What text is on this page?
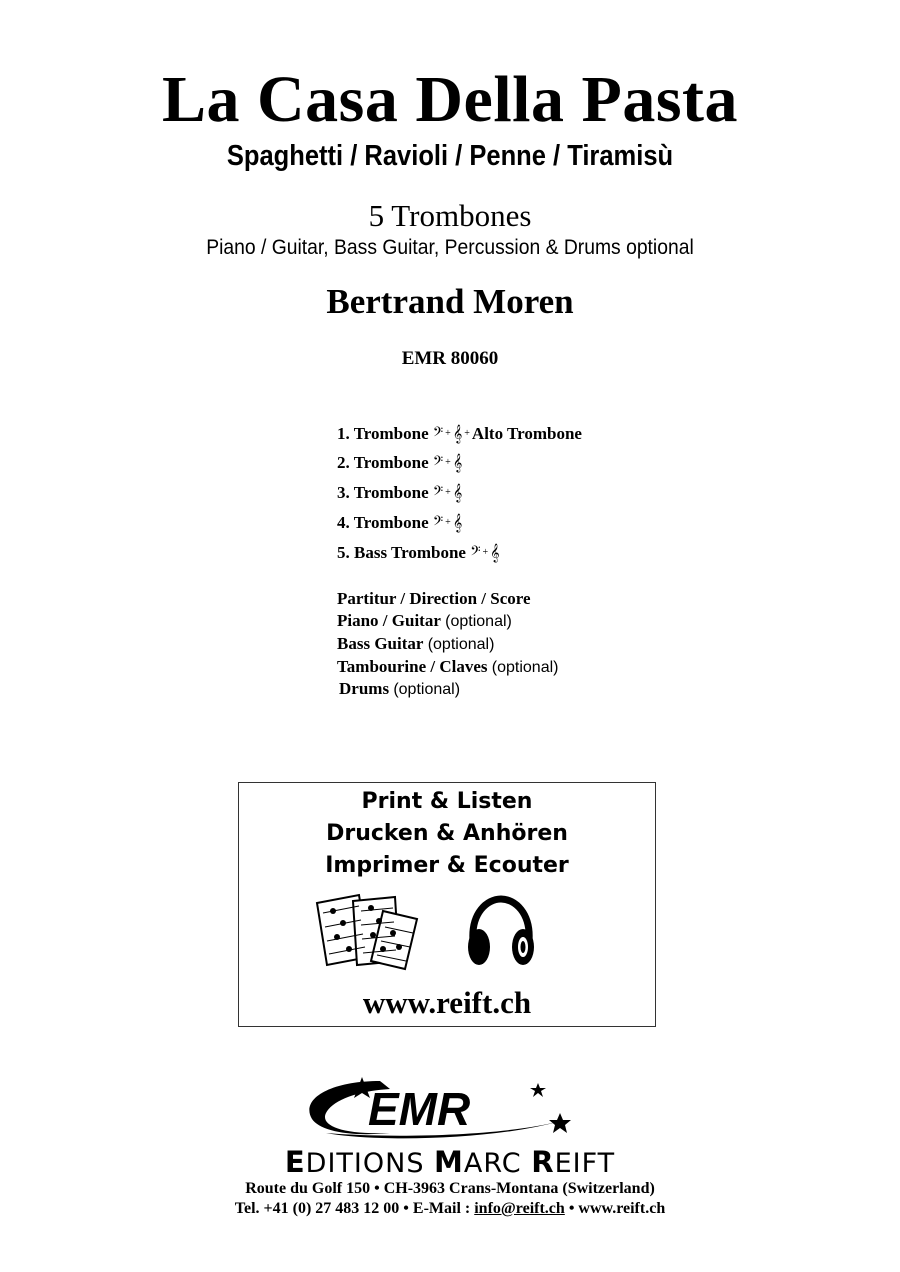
La Casa Della Pasta
Spaghetti / Ravioli / Penne / Tiramisù
5 Trombones
Piano / Guitar, Bass Guitar, Percussion & Drums optional
Bertrand Moren
EMR 80060
1. Trombone 𝄢 + 𝄞 + Alto Trombone
2. Trombone 𝄢 + 𝄞
3. Trombone 𝄢 + 𝄞
4. Trombone 𝄢 + 𝄞
5. Bass Trombone 𝄢 + 𝄞
Partitur / Direction / Score
Piano / Guitar (optional)
Bass Guitar (optional)
Tambourine / Claves (optional)
Drums (optional)
Print & Listen
Drucken & Anhören
Imprimer & Ecouter
www.reift.ch
EMR
EDITIONS MARC REIFT
Route du Golf 150 • CH-3963 Crans-Montana (Switzerland)
Tel. +41 (0) 27 483 12 00 • E-Mail : info@reift.ch • www.reift.ch
